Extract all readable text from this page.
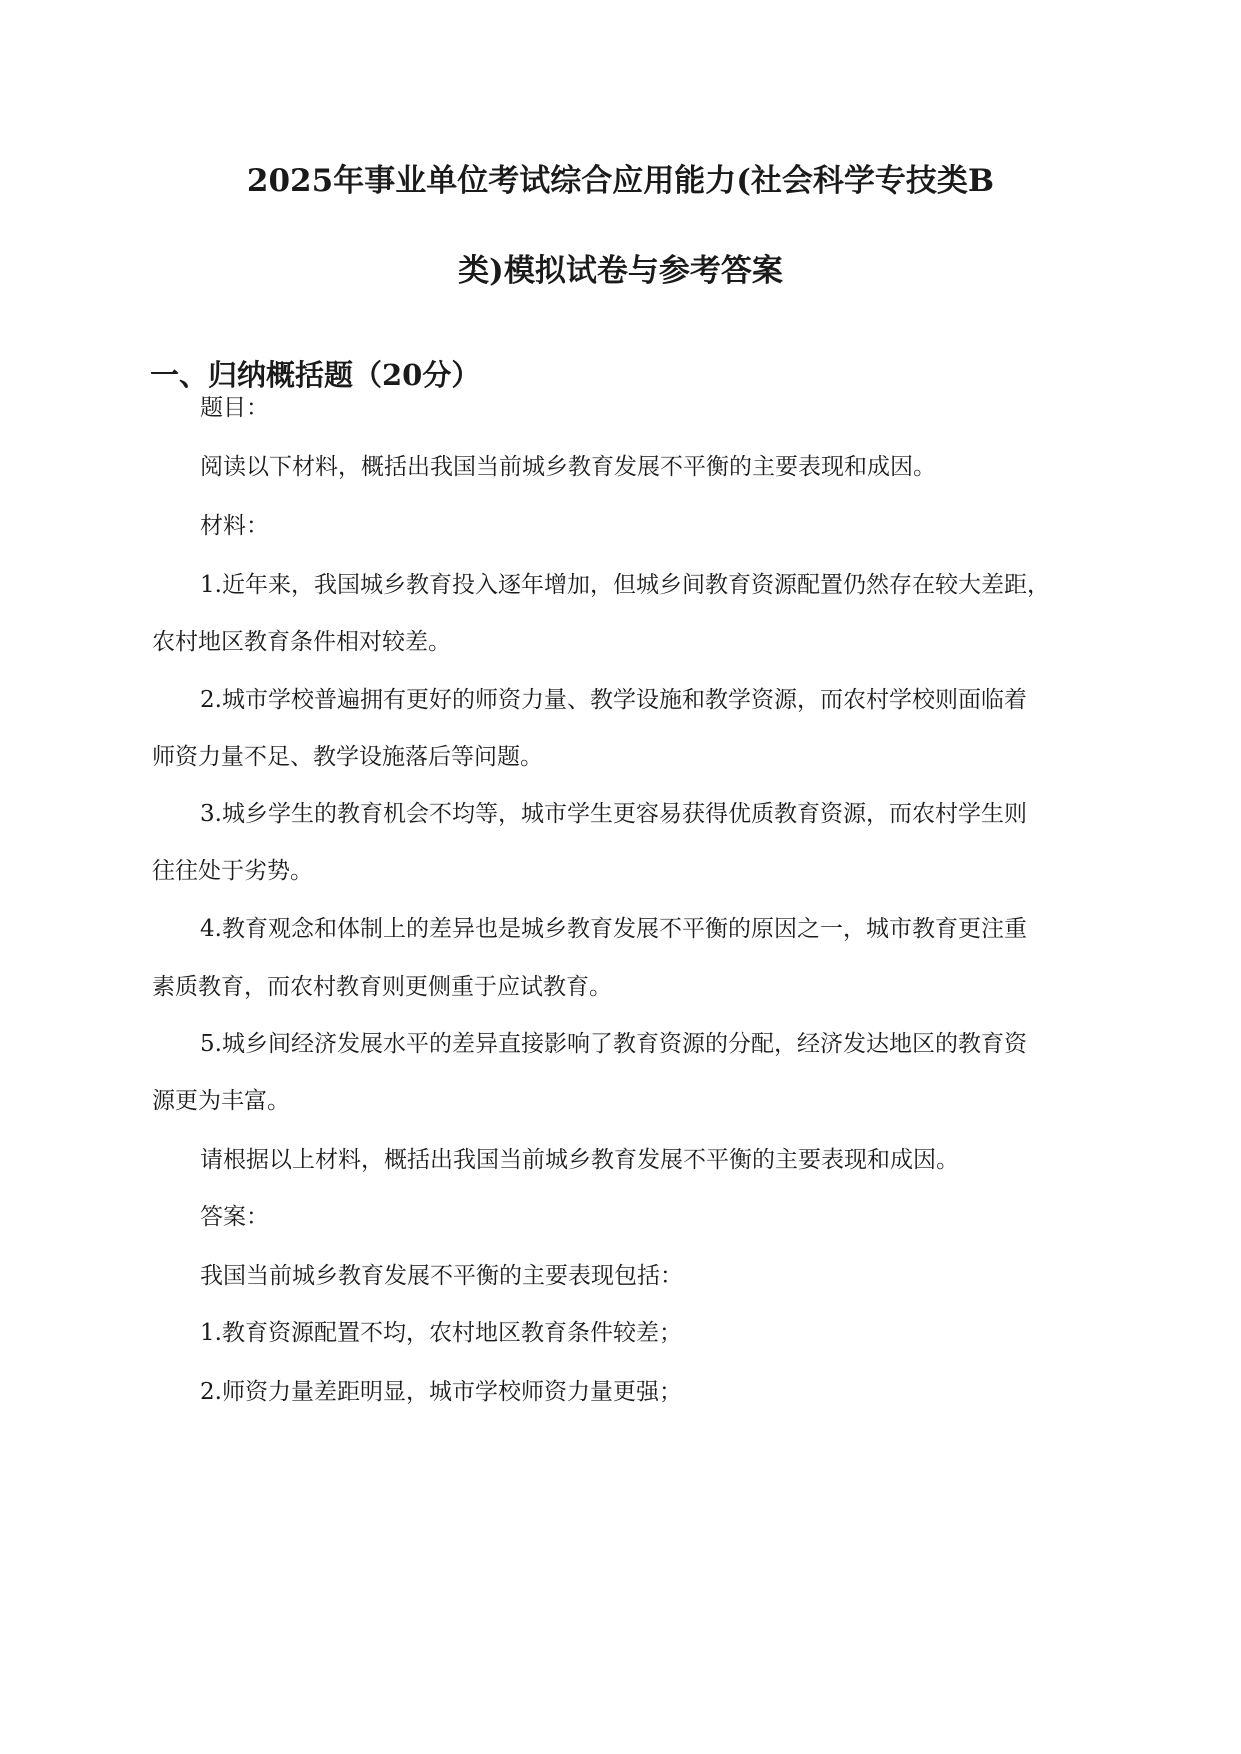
2025年事业单位考试综合应用能力(社会科学专技类B
类)模拟试卷与参考答案
一、归纳概括题（20分）
题目：
阅读以下材料，概括出我国当前城乡教育发展不平衡的主要表现和成因。
材料：
1.近年来，我国城乡教育投入逐年增加，但城乡间教育资源配置仍然存在较大差距，
农村地区教育条件相对较差。
2.城市学校普遍拥有更好的师资力量、教学设施和教学资源，而农村学校则面临着
师资力量不足、教学设施落后等问题。
3.城乡学生的教育机会不均等，城市学生更容易获得优质教育资源，而农村学生则
往往处于劣势。
4.教育观念和体制上的差异也是城乡教育发展不平衡的原因之一，城市教育更注重
素质教育，而农村教育则更侧重于应试教育。
5.城乡间经济发展水平的差异直接影响了教育资源的分配，经济发达地区的教育资
源更为丰富。
请根据以上材料，概括出我国当前城乡教育发展不平衡的主要表现和成因。
答案：
我国当前城乡教育发展不平衡的主要表现包括：
1.教育资源配置不均，农村地区教育条件较差；
2.师资力量差距明显，城市学校师资力量更强；
